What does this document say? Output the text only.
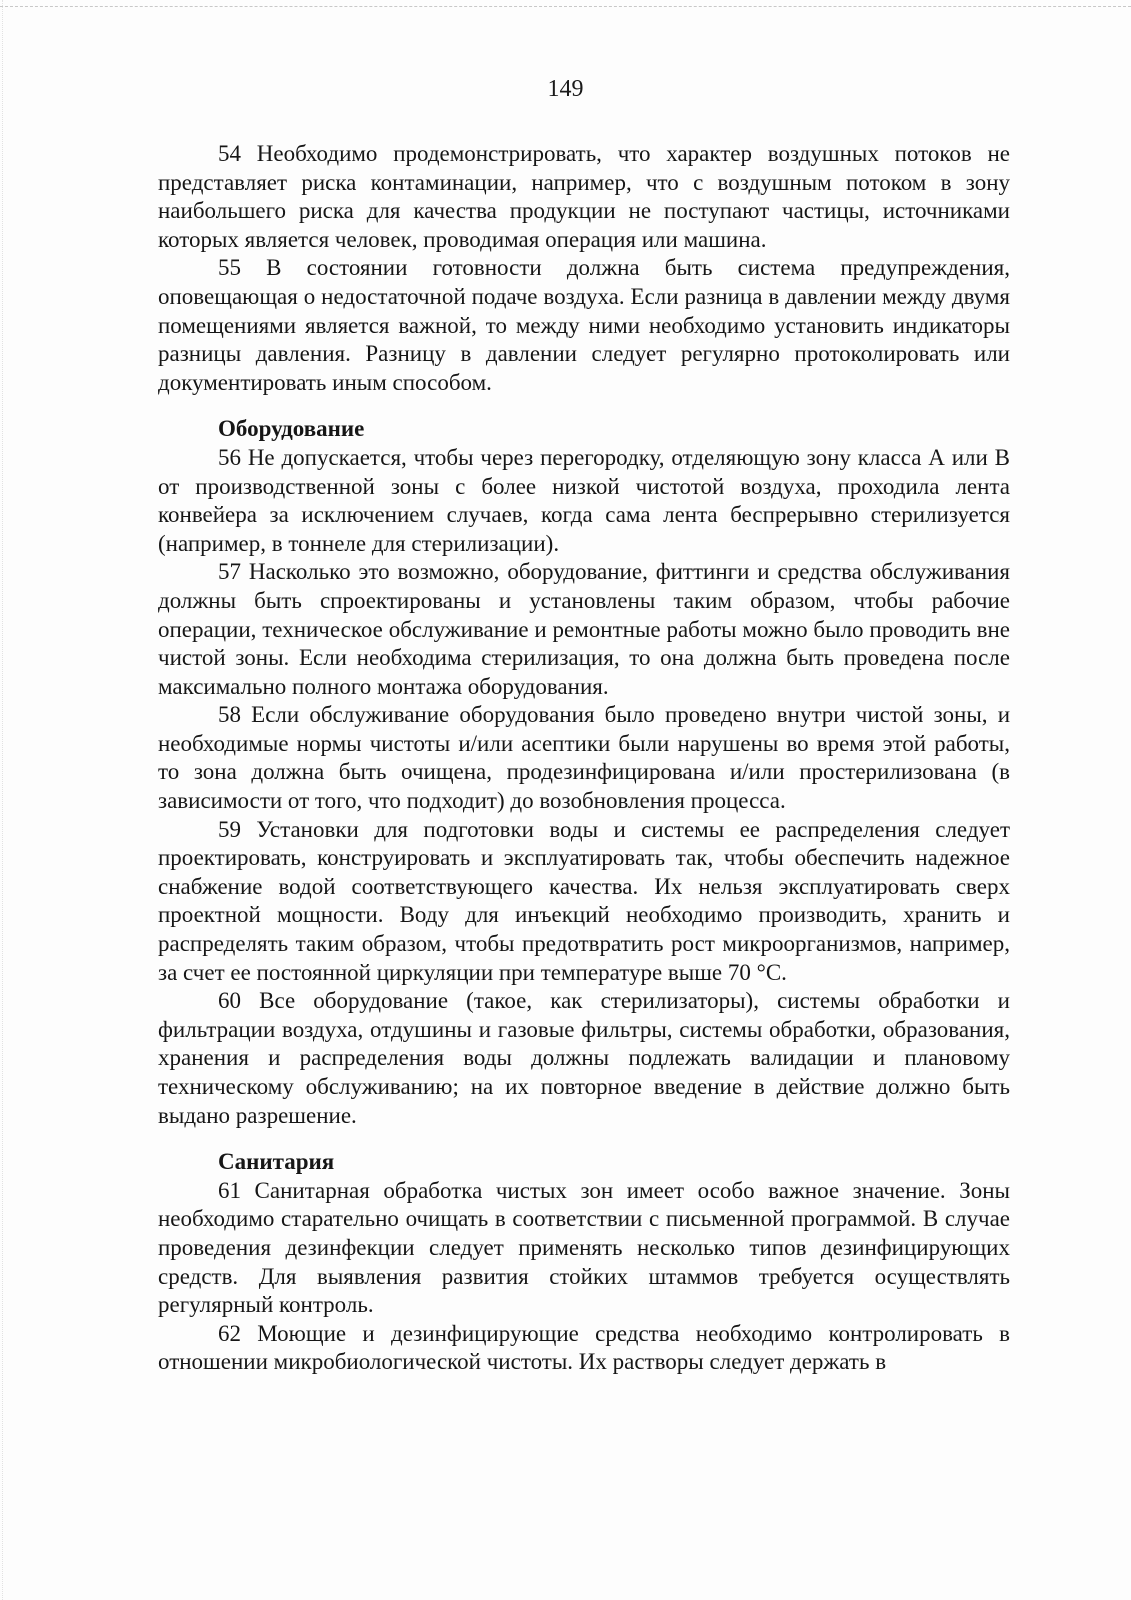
149

54 Необходимо продемонстрировать, что характер воздушных потоков не представляет риска контаминации, например, что с воздушным потоком в зону наибольшего риска для качества продукции не поступают частицы, источниками которых является человек, проводимая операция или машина.

55 В состоянии готовности должна быть система предупреждения, оповещающая о недостаточной подаче воздуха. Если разница в давлении между двумя помещениями является важной, то между ними необходимо установить индикаторы разницы давления. Разницу в давлении следует регулярно протоколировать или документировать иным способом.

Оборудование

56 Не допускается, чтобы через перегородку, отделяющую зону класса А или В от производственной зоны с более низкой чистотой воздуха, проходила лента конвейера за исключением случаев, когда сама лента беспрерывно стерилизуется (например, в тоннеле для стерилизации).

57 Насколько это возможно, оборудование, фиттинги и средства обслуживания должны быть спроектированы и установлены таким образом, чтобы рабочие операции, техническое обслуживание и ремонтные работы можно было проводить вне чистой зоны. Если необходима стерилизация, то она должна быть проведена после максимально полного монтажа оборудования.

58 Если обслуживание оборудования было проведено внутри чистой зоны, и необходимые нормы чистоты и/или асептики были нарушены во время этой работы, то зона должна быть очищена, продезинфицирована и/или простерилизована (в зависимости от того, что подходит) до возобновления процесса.

59 Установки для подготовки воды и системы ее распределения следует проектировать, конструировать и эксплуатировать так, чтобы обеспечить надежное снабжение водой соответствующего качества. Их нельзя эксплуатировать сверх проектной мощности. Воду для инъекций необходимо производить, хранить и распределять таким образом, чтобы предотвратить рост микроорганизмов, например, за счет ее постоянной циркуляции при температуре выше 70 °С.

60 Все оборудование (такое, как стерилизаторы), системы обработки и фильтрации воздуха, отдушины и газовые фильтры, системы обработки, образования, хранения и распределения воды должны подлежать валидации и плановому техническому обслуживанию; на их повторное введение в действие должно быть выдано разрешение.

Санитария

61 Санитарная обработка чистых зон имеет особо важное значение. Зоны необходимо старательно очищать в соответствии с письменной программой. В случае проведения дезинфекции следует применять несколько типов дезинфицирующих средств. Для выявления развития стойких штаммов требуется осуществлять регулярный контроль.

62 Моющие и дезинфицирующие средства необходимо контролировать в отношении микробиологической чистоты. Их растворы следует держать в
